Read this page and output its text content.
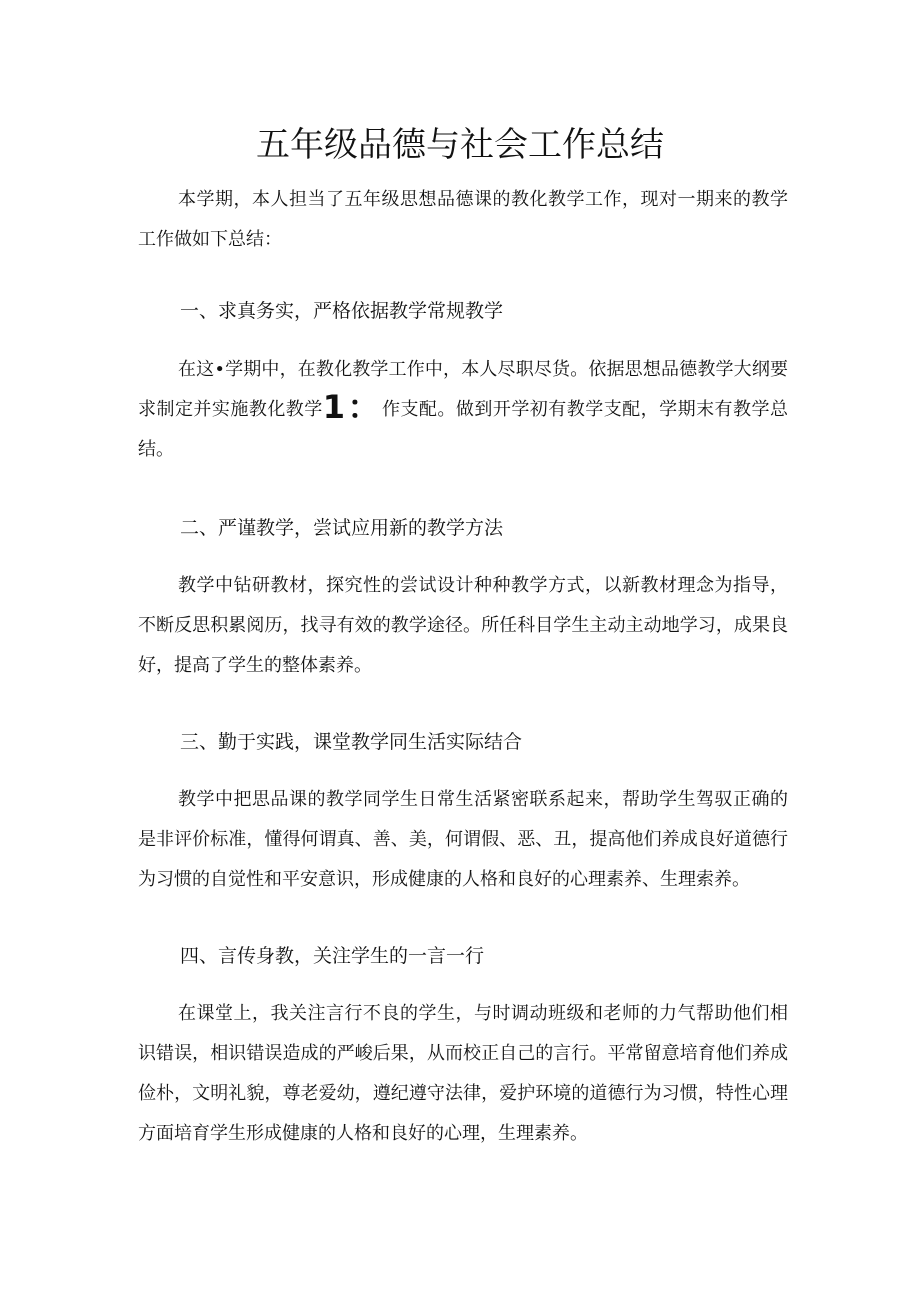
五年级品德与社会工作总结

本学期，本人担当了五年级思想品德课的教化教学工作，现对一期来的教学工作做如下总结：

一、求真务实，严格依据教学常规教学

在这•学期中，在教化教学工作中，本人尽职尽货。依据思想品德教学大纲要求制定并实施教化教学1：作支配。做到开学初有教学支配，学期末有教学总结。

二、严谨教学，尝试应用新的教学方法

教学中钻研教材，探究性的尝试设计种种教学方式，以新教材理念为指导，不断反思积累阅历，找寻有效的教学途径。所任科目学生主动主动地学习，成果良好，提高了学生的整体素养。

三、勤于实践，课堂教学同生活实际结合

教学中把思品课的教学同学生日常生活紧密联系起来，帮助学生驾驭正确的是非评价标准，懂得何谓真、善、美，何谓假、恶、丑，提高他们养成良好道德行为习惯的自觉性和平安意识，形成健康的人格和良好的心理素养、生理索养。

四、言传身教，关注学生的一言一行

在课堂上，我关注言行不良的学生，与时调动班级和老师的力气帮助他们相识错误，相识错误造成的严峻后果，从而校正自己的言行。平常留意培育他们养成俭朴，文明礼貌，尊老爱幼，遵纪遵守法律，爱护环境的道德行为习惯，特性心理方面培育学生形成健康的人格和良好的心理，生理素养。
